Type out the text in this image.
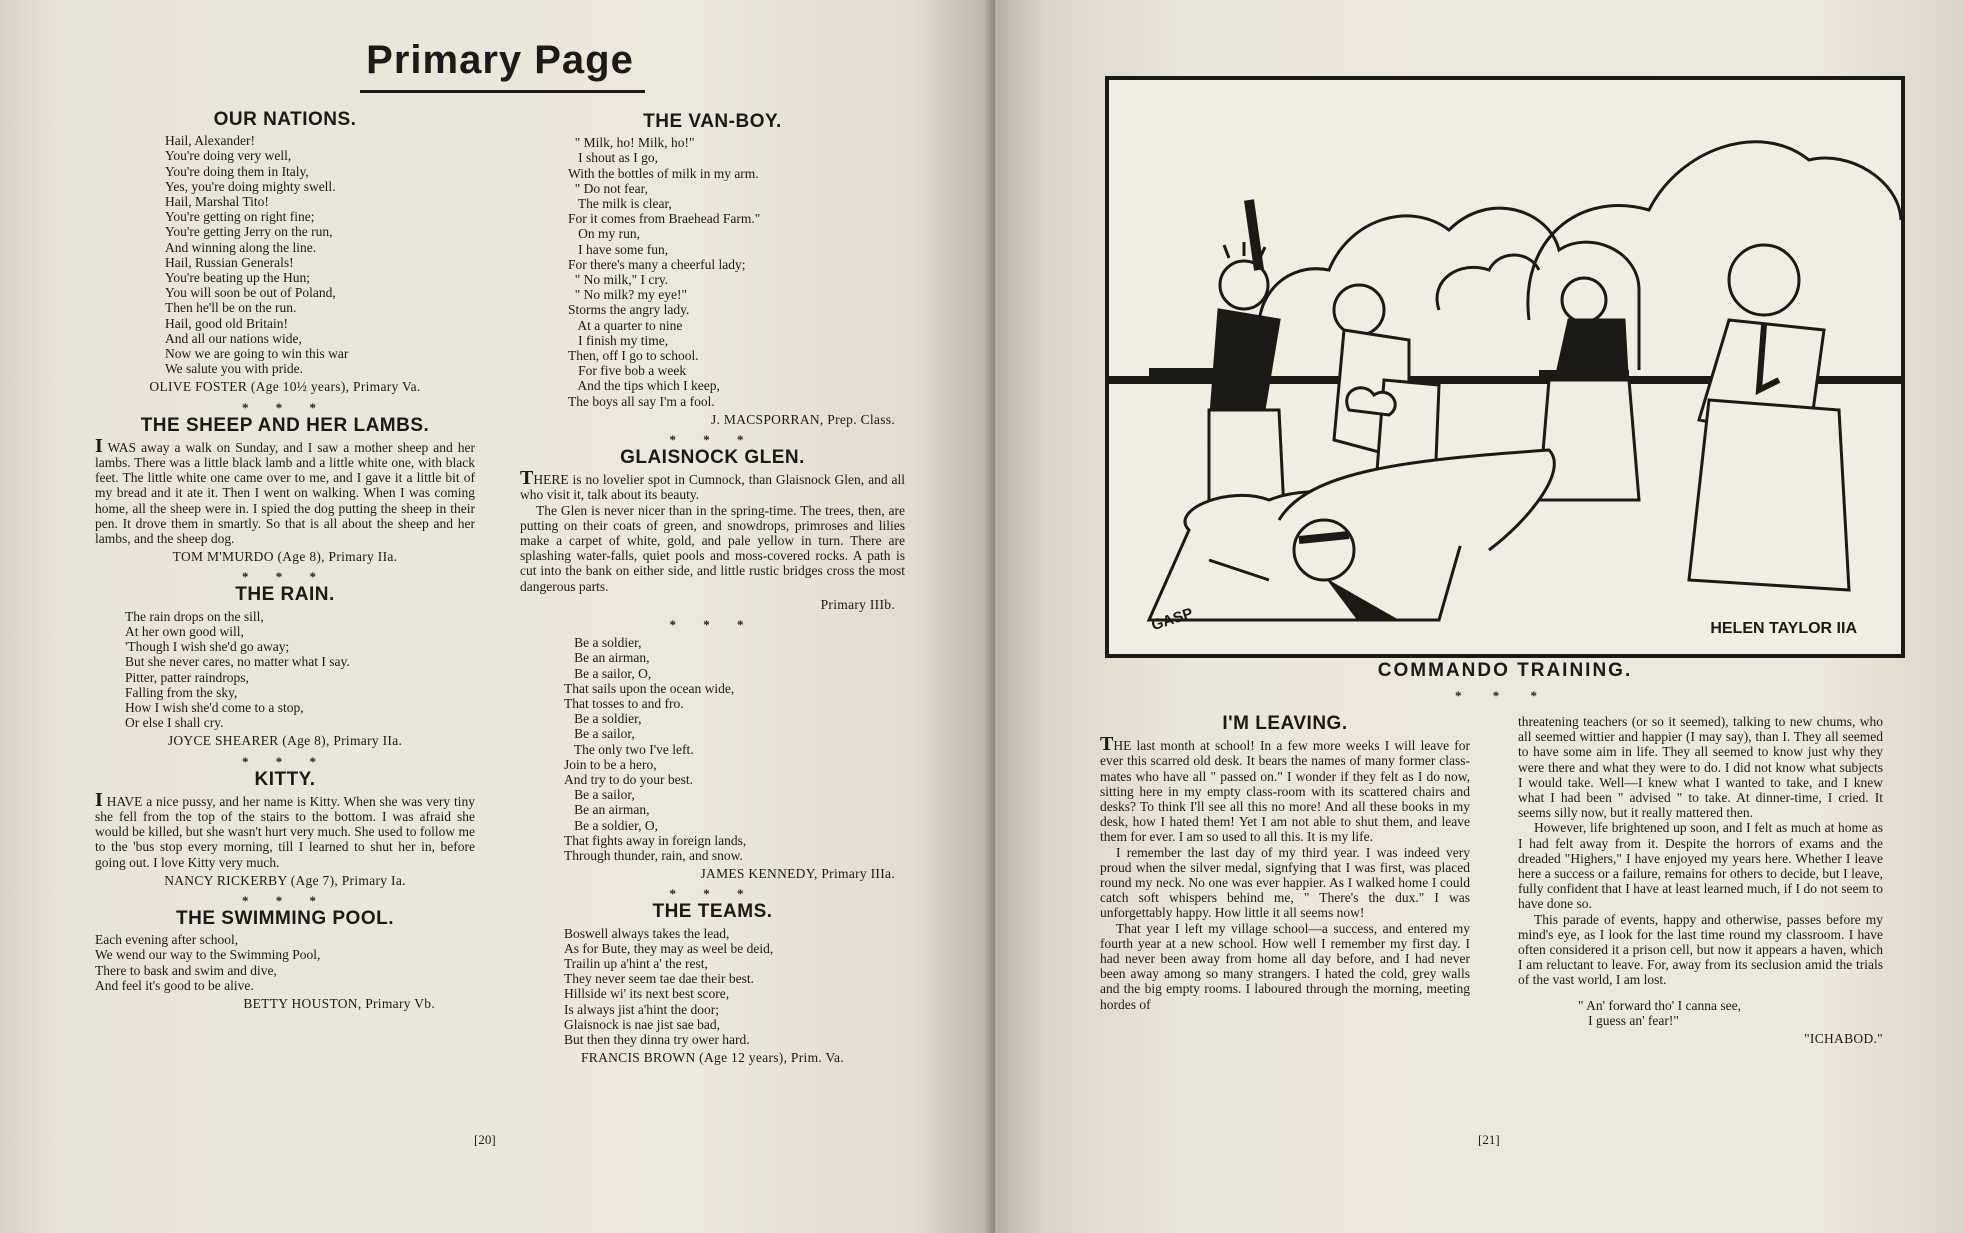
Primary Page
OUR NATIONS.
Hail, Alexander!
You're doing very well,
You're doing them in Italy,
Yes, you're doing mighty swell.
Hail, Marshal Tito!
You're getting on right fine;
You're getting Jerry on the run,
And winning along the line.
Hail, Russian Generals!
You're beating up the Hun;
You will soon be out of Poland,
Then he'll be on the run.
Hail, good old Britain!
And all our nations wide,
Now we are going to win this war
We salute you with pride.
OLIVE FOSTER (Age 10½ years), Primary Va.
* * *
THE SHEEP AND HER LAMBS.
I WAS away a walk on Sunday, and I saw a mother sheep and her lambs. There was a little black lamb and a little white one, with black feet. The little white one came over to me, and I gave it a little bit of my bread and it ate it. Then I went on walking. When I was coming home, all the sheep were in. I spied the dog putting the sheep in their pen. It drove them in smartly. So that is all about the sheep and her lambs, and the sheep dog.
TOM M'MURDO (Age 8), Primary IIa.
* * *
THE RAIN.
The rain drops on the sill,
At her own good will,
'Though I wish she'd go away;
But she never cares, no matter what I say.
Pitter, patter raindrops,
Falling from the sky,
How I wish she'd come to a stop,
Or else I shall cry.
JOYCE SHEARER (Age 8), Primary IIa.
* * *
KITTY.
I HAVE a nice pussy, and her name is Kitty. When she was very tiny she fell from the top of the stairs to the bottom. I was afraid she would be killed, but she wasn't hurt very much. She used to follow me to the 'bus stop every morning, till I learned to shut her in, before going out. I love Kitty very much.
NANCY RICKERBY (Age 7), Primary Ia.
* * *
THE SWIMMING POOL.
Each evening after school,
We wend our way to the Swimming Pool,
There to bask and swim and dive,
And feel it's good to be alive.
BETTY HOUSTON, Primary Vb.
THE VAN-BOY.
" Milk, ho! Milk, ho!"
I shout as I go,
With the bottles of milk in my arm.
" Do not fear,
The milk is clear,
For it comes from Braehead Farm."
On my run,
I have some fun,
For there's many a cheerful lady;
" No milk," I cry.
" No milk? my eye!"
Storms the angry lady.
At a quarter to nine
I finish my time,
Then, off I go to school.
For five bob a week
And the tips which I keep,
The boys all say I'm a fool.
J. MACSPORRAN, Prep. Class.
* * *
GLAISNOCK GLEN.

THERE is no lovelier spot in Cumnock, than Glaisnock Glen, and all who visit it, talk about its beauty.

The Glen is never nicer than in the spring-time. The trees, then, are putting on their coats of green, and snowdrops, primroses and lilies make a carpet of white, gold, and pale yellow in turn. There are splashing water-falls, quiet pools and moss-covered rocks. A path is cut into the bank on either side, and little rustic bridges cross the most dangerous parts.

Primary IIIb.
* * *
Be a soldier,
Be an airman,
Be a sailor, O,
That sails upon the ocean wide,
That tosses to and fro.
Be a soldier,
Be a sailor,
The only two I've left.
Join to be a hero,
And try to do your best.
Be a sailor,
Be an airman,
Be a soldier, O,
That fights away in foreign lands,
Through thunder, rain, and snow.
JAMES KENNEDY, Primary IIIa.
* * *
THE TEAMS.
Boswell always takes the lead,
As for Bute, they may as weel be deid,
Trailin up a'hint a' the rest,
They never seem tae dae their best.
Hillside wi' its next best score,
Is always jist a'hint the door;
Glaisnock is nae jist sae bad,
But then they dinna try ower hard.
FRANCIS BROWN (Age 12 years), Prim. Va.
[20]
GASP	HELEN TAYLOR IIA
COMMANDO TRAINING.
* * *
I'M LEAVING.

THE last month at school! In a few more weeks I will leave for ever this scarred old desk. It bears the names of many former class-mates who have all " passed on." I wonder if they felt as I do now, sitting here in my empty class-room with its scattered chairs and desks? To think I'll see all this no more! And all these books in my desk, how I hated them! Yet I am not able to shut them, and leave them for ever. I am so used to all this. It is my life.

I remember the last day of my third year. I was indeed very proud when the silver medal, signfying that I was first, was placed round my neck. No one was ever happier. As I walked home I could catch soft whispers behind me, " There's the dux." I was unforgettably happy. How little it all seems now!

That year I left my village school—a success, and entered my fourth year at a new school. How well I remember my first day. I had never been away from home all day before, and I had never been away among so many strangers. I hated the cold, grey walls and the big empty rooms. I laboured through the morning, meeting hordes of

threatening teachers (or so it seemed), talking to new chums, who all seemed wittier and happier (I may say), than I. They all seemed to have some aim in life. They all seemed to know just why they were there and what they were to do. I did not know what subjects I would take. Well—I knew what I wanted to take, and I knew what I had been " advised " to take. At dinner-time, I cried. It seems silly now, but it really mattered then.

However, life brightened up soon, and I felt as much at home as I had felt away from it. Despite the horrors of exams and the dreaded "Highers," I have enjoyed my years here. Whether I leave here a success or a failure, remains for others to decide, but I leave, fully confident that I have at least learned much, if I do not seem to have done so.

This parade of events, happy and otherwise, passes before my mind's eye, as I look for the last time round my classroom. I have often considered it a prison cell, but now it appears a haven, which I am reluctant to leave. For, away from its seclusion amid the trials of the vast world, I am lost.

" An' forward tho' I canna see,
I guess an' fear!"
"ICHABOD."
[21]
